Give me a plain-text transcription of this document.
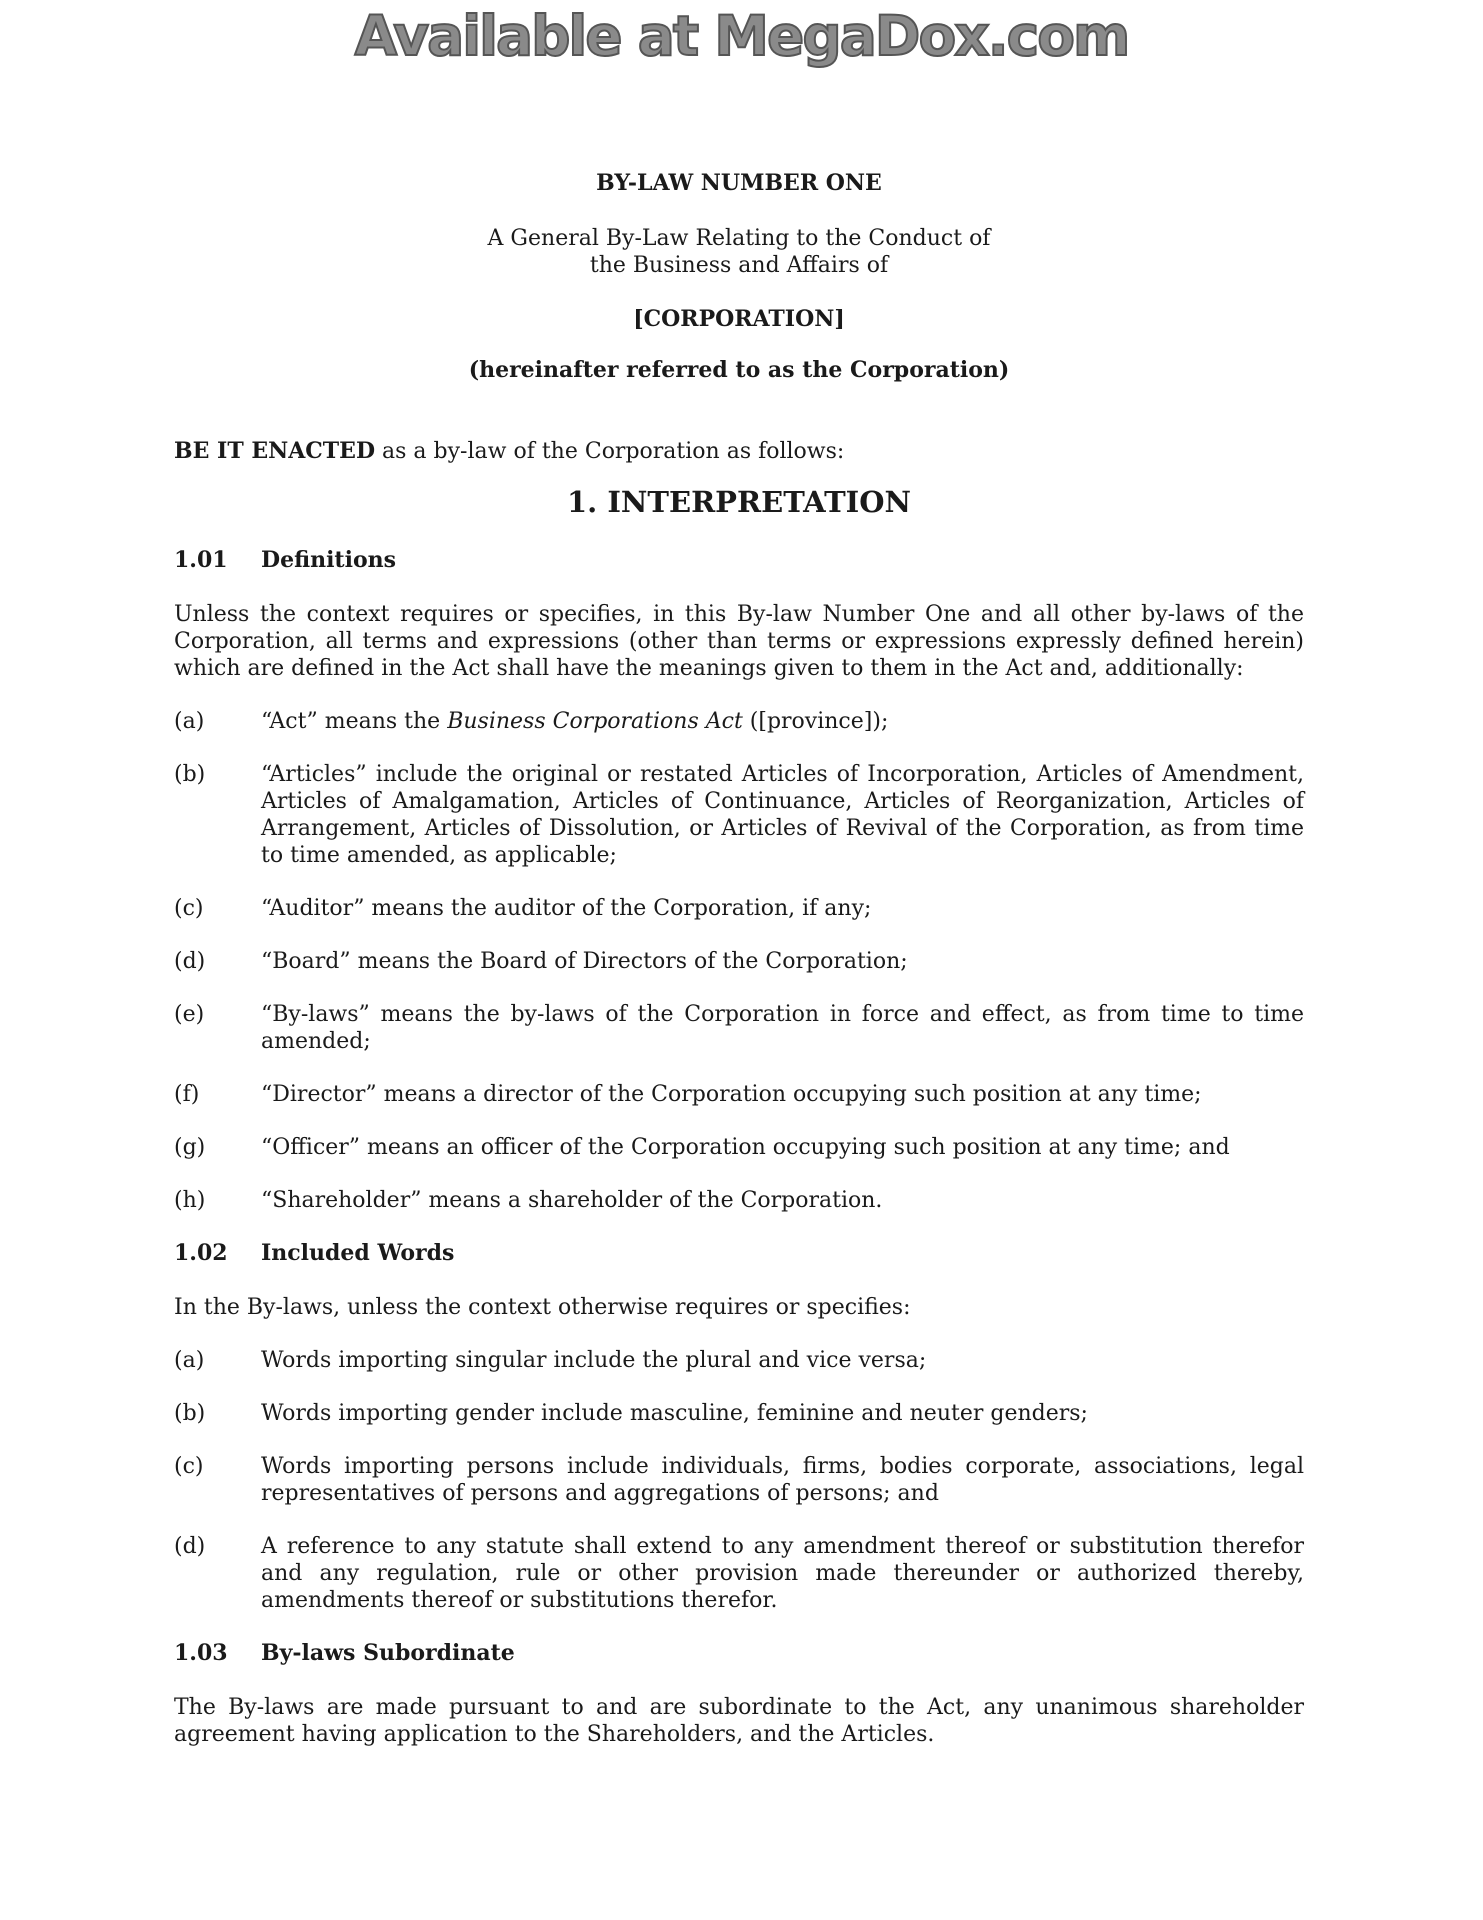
Available at MegaDox.com
BY-LAW NUMBER ONE
A General By-Law Relating to the Conduct of
the Business and Affairs of
[CORPORATION]
(hereinafter referred to as the Corporation)
BE IT ENACTED as a by-law of the Corporation as follows:
1. INTERPRETATION
1.01	Definitions
Unless the context requires or specifies, in this By-law Number One and all other by-laws of the Corporation, all terms and expressions (other than terms or expressions expressly defined herein) which are defined in the Act shall have the meanings given to them in the Act and, additionally:
(a)	“Act” means the Business Corporations Act ([province]);
(b)	“Articles” include the original or restated Articles of Incorporation, Articles of Amendment, Articles of Amalgamation, Articles of Continuance, Articles of Reorganization, Articles of Arrangement, Articles of Dissolution, or Articles of Revival of the Corporation, as from time to time amended, as applicable;
(c)	“Auditor” means the auditor of the Corporation, if any;
(d)	“Board” means the Board of Directors of the Corporation;
(e)	“By-laws” means the by-laws of the Corporation in force and effect, as from time to time amended;
(f)	“Director” means a director of the Corporation occupying such position at any time;
(g)	“Officer” means an officer of the Corporation occupying such position at any time; and
(h)	“Shareholder” means a shareholder of the Corporation.
1.02	Included Words
In the By-laws, unless the context otherwise requires or specifies:
(a)	Words importing singular include the plural and vice versa;
(b)	Words importing gender include masculine, feminine and neuter genders;
(c)	Words importing persons include individuals, firms, bodies corporate, associations, legal representatives of persons and aggregations of persons; and
(d)	A reference to any statute shall extend to any amendment thereof or substitution therefor and any regulation, rule or other provision made thereunder or authorized thereby, amendments thereof or substitutions therefor.
1.03	By-laws Subordinate
The By-laws are made pursuant to and are subordinate to the Act, any unanimous shareholder agreement having application to the Shareholders, and the Articles.
